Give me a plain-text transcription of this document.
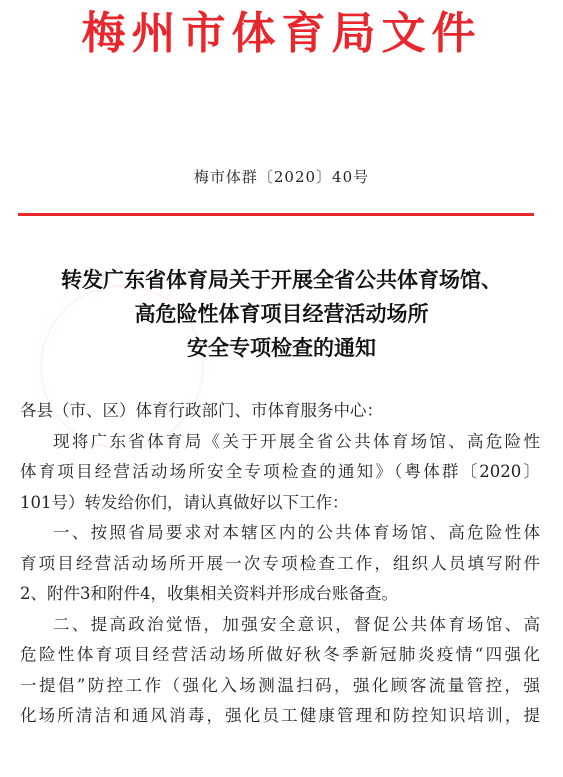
梅州市体育局文件
梅市体群〔2020〕40号
转发广东省体育局关于开展全省公共体育场馆、
高危险性体育项目经营活动场所
安全专项检查的通知
各县（市、区）体育行政部门、市体育服务中心：
现将广东省体育局《关于开展全省公共体育场馆、高危险性
体育项目经营活动场所安全专项检查的通知》（粤体群〔2020〕
101号）转发给你们，请认真做好以下工作：
一、按照省局要求对本辖区内的公共体育场馆、高危险性体
育项目经营活动场所开展一次专项检查工作，组织人员填写附件
2、附件3和附件4，收集相关资料并形成台账备查。
二、提高政治觉悟，加强安全意识，督促公共体育场馆、高
危险性体育项目经营活动场所做好秋冬季新冠肺炎疫情“四强化
一提倡”防控工作（强化入场测温扫码，强化顾客流量管控，强
化场所清洁和通风消毒，强化员工健康管理和防控知识培训，提
